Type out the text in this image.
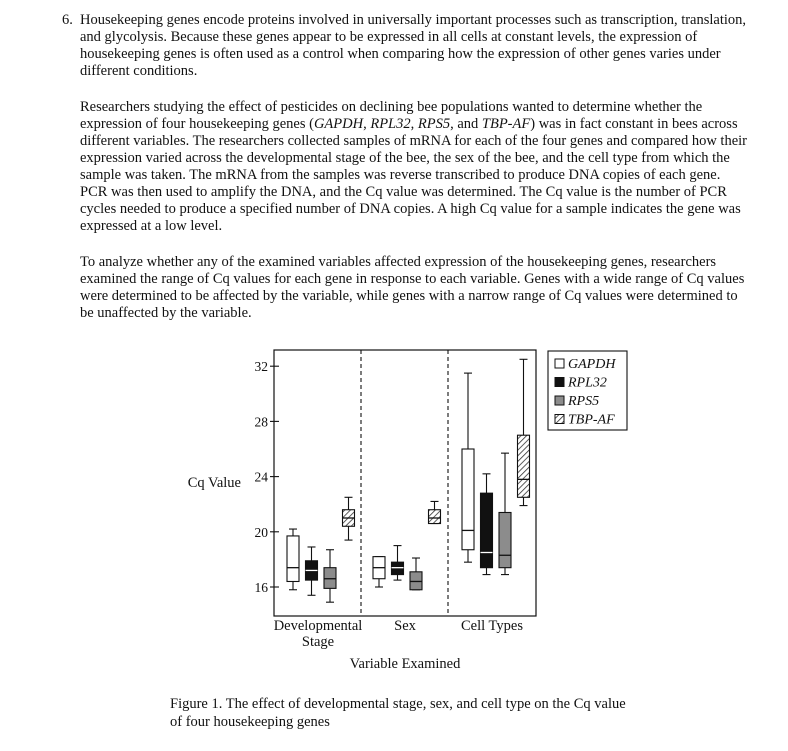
6. Housekeeping genes encode proteins involved in universally important processes such as transcription, translation, and glycolysis. Because these genes appear to be expressed in all cells at constant levels, the expression of housekeeping genes is often used as a control when comparing how the expression of other genes varies under different conditions.

Researchers studying the effect of pesticides on declining bee populations wanted to determine whether the expression of four housekeeping genes (GAPDH, RPL32, RPS5, and TBP-AF) was in fact constant in bees across different variables. The researchers collected samples of mRNA for each of the four genes and compared how their expression varied across the developmental stage of the bee, the sex of the bee, and the cell type from which the sample was taken. The mRNA from the samples was reverse transcribed to produce DNA copies of each gene. PCR was then used to amplify the DNA, and the Cq value was determined. The Cq value is the number of PCR cycles needed to produce a specified number of DNA copies. A high Cq value for a sample indicates the gene was expressed at a low level.

To analyze whether any of the examined variables affected expression of the housekeeping genes, researchers examined the range of Cq values for each gene in response to each variable. Genes with a wide range of Cq values were determined to be affected by the variable, while genes with a narrow range of Cq values were determined to be unaffected by the variable.

16
20
24
28
32
Cq Value
Developmental
Stage
Sex	Cell Types
Variable Examined
GAPDH
RPL32
RPS5
TBP-AF

Figure 1. The effect of developmental stage, sex, and cell type on the Cq value of four housekeeping genes
